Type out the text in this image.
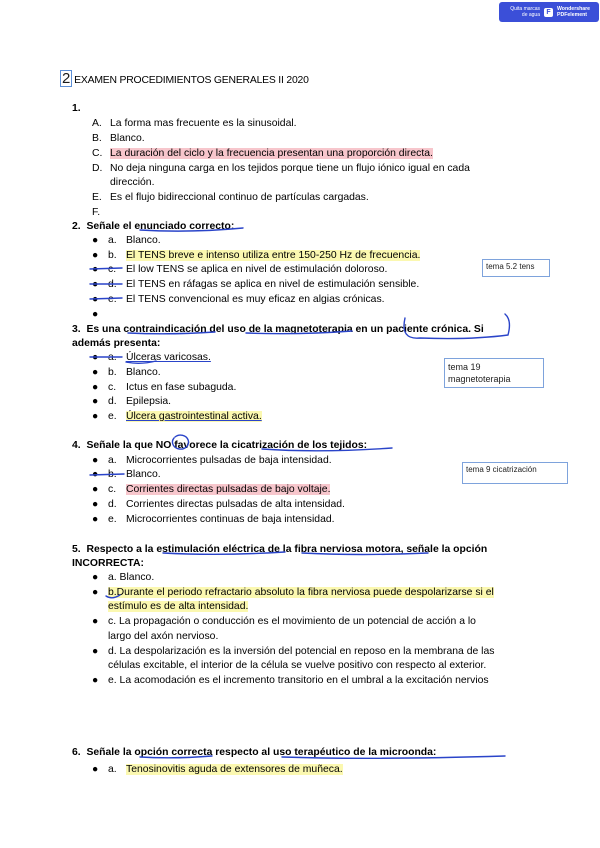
Quita marcas de agua F	Wondershare PDFelement
2 EXAMEN PROCEDIMIENTOS GENERALES II 2020
1.
A. La forma mas frecuente es la sinusoidal.
B. Blanco.
C. La duración del ciclo y la frecuencia presentan una proporción directa.
D. No deja ninguna carga en los tejidos porque tiene un flujo iónico igual en cada
dirección.
E. Es el flujo bidireccional continuo de partículas cargadas.
F.
2. Señale el enunciado correcto:
● a. Blanco.
● b. El TENS breve e intenso utiliza entre 150-250 Hz de frecuencia.
● c. El low TENS se aplica en nivel de estimulación doloroso.
● d. El TENS en ráfagas se aplica en nivel de estimulación sensible.
● e. El TENS convencional es muy eficaz en algias crónicas.
●
tema 5.2 tens
3. Es una contraindicación del uso de la magnetoterapia en un paciente crónica. Si
además presenta:
● a. Úlceras varicosas.
● b. Blanco.
● c. Ictus en fase subaguda.
● d. Epilepsia.
● e. Úlcera gastrointestinal activa.
tema 19 magnetoterapia
4. Señale la que NO favorece la cicatrización de los tejidos:
● a. Microcorrientes pulsadas de baja intensidad.
● b. Blanco.
● c. Corrientes directas pulsadas de bajo voltaje.
● d. Corrientes directas pulsadas de alta intensidad.
● e. Microcorrientes continuas de baja intensidad.
tema 9 cicatrización
5. Respecto a la estimulación eléctrica de la fibra nerviosa motora, señale la opción
INCORRECTA:
● a. Blanco.
● b.Durante el periodo refractario absoluto la fibra nerviosa puede despolarizarse si el
estímulo es de alta intensidad.
● c. La propagación o conducción es el movimiento de un potencial de acción a lo
largo del axón nervioso.
● d. La despolarización es la inversión del potencial en reposo en la membrana de las
células excitable, el interior de la célula se vuelve positivo con respecto al exterior.
● e. La acomodación es el incremento transitorio en el umbral a la excitación nervios
6. Señale la opción correcta respecto al uso terapéutico de la microonda:
● a. Tenosinovitis aguda de extensores de muñeca.
